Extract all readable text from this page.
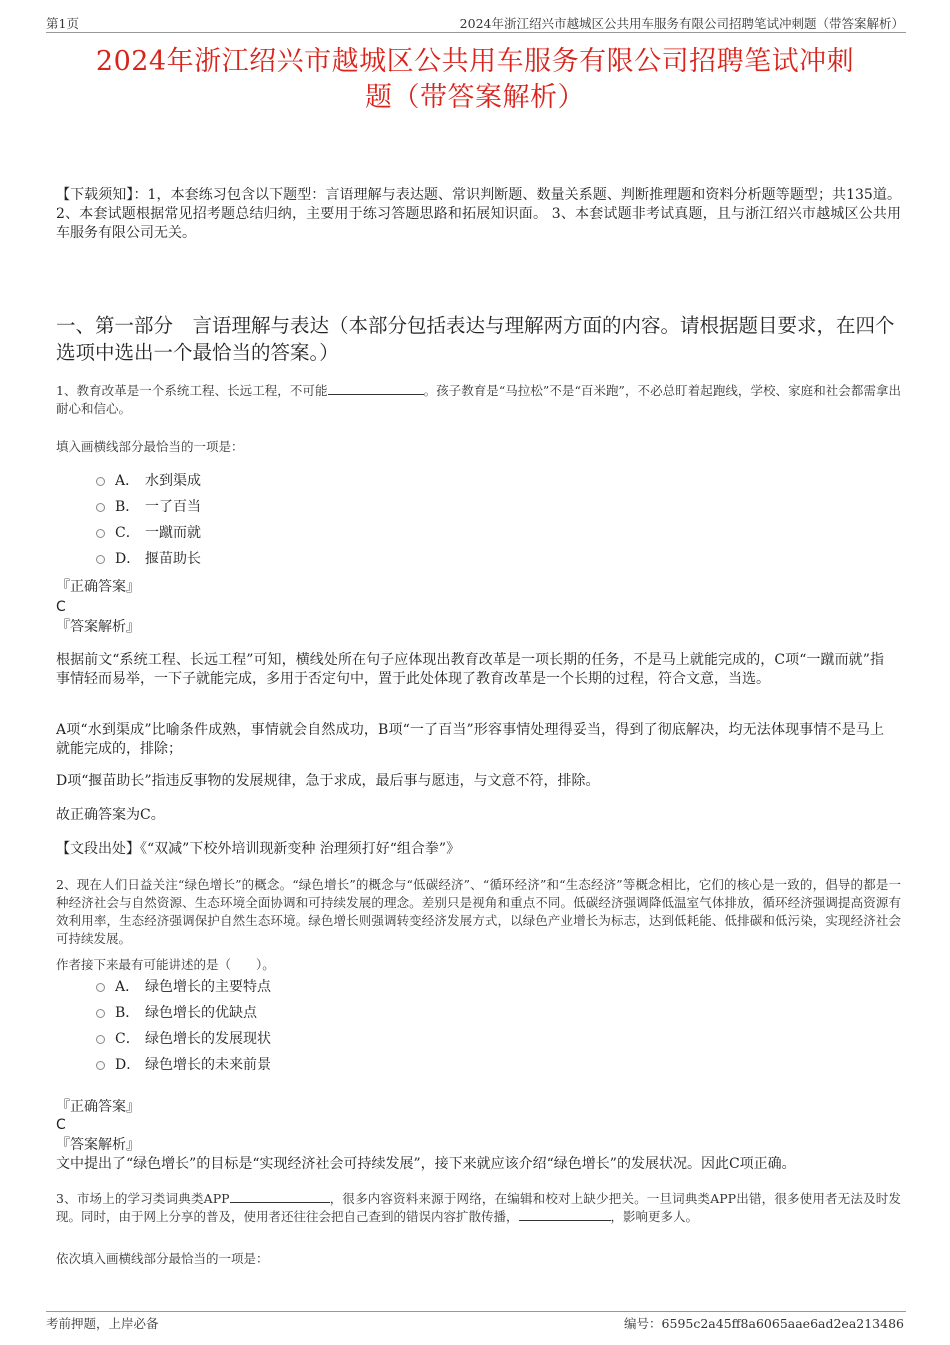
第1页	2024年浙江绍兴市越城区公共用车服务有限公司招聘笔试冲刺题（带答案解析）
2024年浙江绍兴市越城区公共用车服务有限公司招聘笔试冲刺
题（带答案解析）
【下载须知】：1，本套练习包含以下题型：言语理解与表达题、常识判断题、数量关系题、判断推理题和资料分析题等题型；共135道。 2、本套试题根据常见招考题总结归纳，主要用于练习答题思路和拓展知识面。 3、本套试题非考试真题，且与浙江绍兴市越城区公共用车服务有限公司无关。
一、第一部分　言语理解与表达（本部分包括表达与理解两方面的内容。请根据题目要求，在四个选项中选出一个最恰当的答案。）
1、教育改革是一个系统工程、长远工程，不可能	。孩子教育是“马拉松”不是“百米跑”，不必总盯着起跑线，学校、家庭和社会都需拿出耐心和信心。
填入画横线部分最恰当的一项是：
A． 水到渠成
B． 一了百当
C． 一蹴而就
D． 揠苗助长
『正确答案』
C
『答案解析』
根据前文“系统工程、长远工程”可知，横线处所在句子应体现出教育改革是一项长期的任务，不是马上就能完成的，C项“一蹴而就”指事情轻而易举，一下子就能完成，多用于否定句中，置于此处体现了教育改革是一个长期的过程，符合文意，当选。
A项“水到渠成”比喻条件成熟，事情就会自然成功，B项“一了百当”形容事情处理得妥当，得到了彻底解决，均无法体现事情不是马上就能完成的，排除；
D项“揠苗助长”指违反事物的发展规律，急于求成，最后事与愿违，与文意不符，排除。
故正确答案为C。
【文段出处】《“双减”下校外培训现新变种 治理须打好“组合拳”》
2、现在人们日益关注“绿色增长”的概念。“绿色增长”的概念与“低碳经济”、“循环经济”和“生态经济”等概念相比，它们的核心是一致的，倡导的都是一种经济社会与自然资源、生态环境全面协调和可持续发展的理念。差别只是视角和重点不同。低碳经济强调降低温室气体排放，循环经济强调提高资源有效利用率，生态经济强调保护自然生态环境。绿色增长则强调转变经济发展方式，以绿色产业增长为标志，达到低耗能、低排碳和低污染，实现经济社会可持续发展。
作者接下来最有可能讲述的是（　　）。
A． 绿色增长的主要特点
B． 绿色增长的优缺点
C． 绿色增长的发展现状
D． 绿色增长的未来前景
『正确答案』
C
『答案解析』
文中提出了“绿色增长”的目标是“实现经济社会可持续发展”，接下来就应该介绍“绿色增长”的发展状况。因此C项正确。
3、市场上的学习类词典类APP	，很多内容资料来源于网络，在编辑和校对上缺少把关。一旦词典类APP出错，很多使用者无法及时发现。同时，由于网上分享的普及，使用者还往往会把自己查到的错误内容扩散传播，	，影响更多人。
依次填入画横线部分最恰当的一项是：
考前押题，上岸必备	编号：6595c2a45ff8a6065aae6ad2ea213486
